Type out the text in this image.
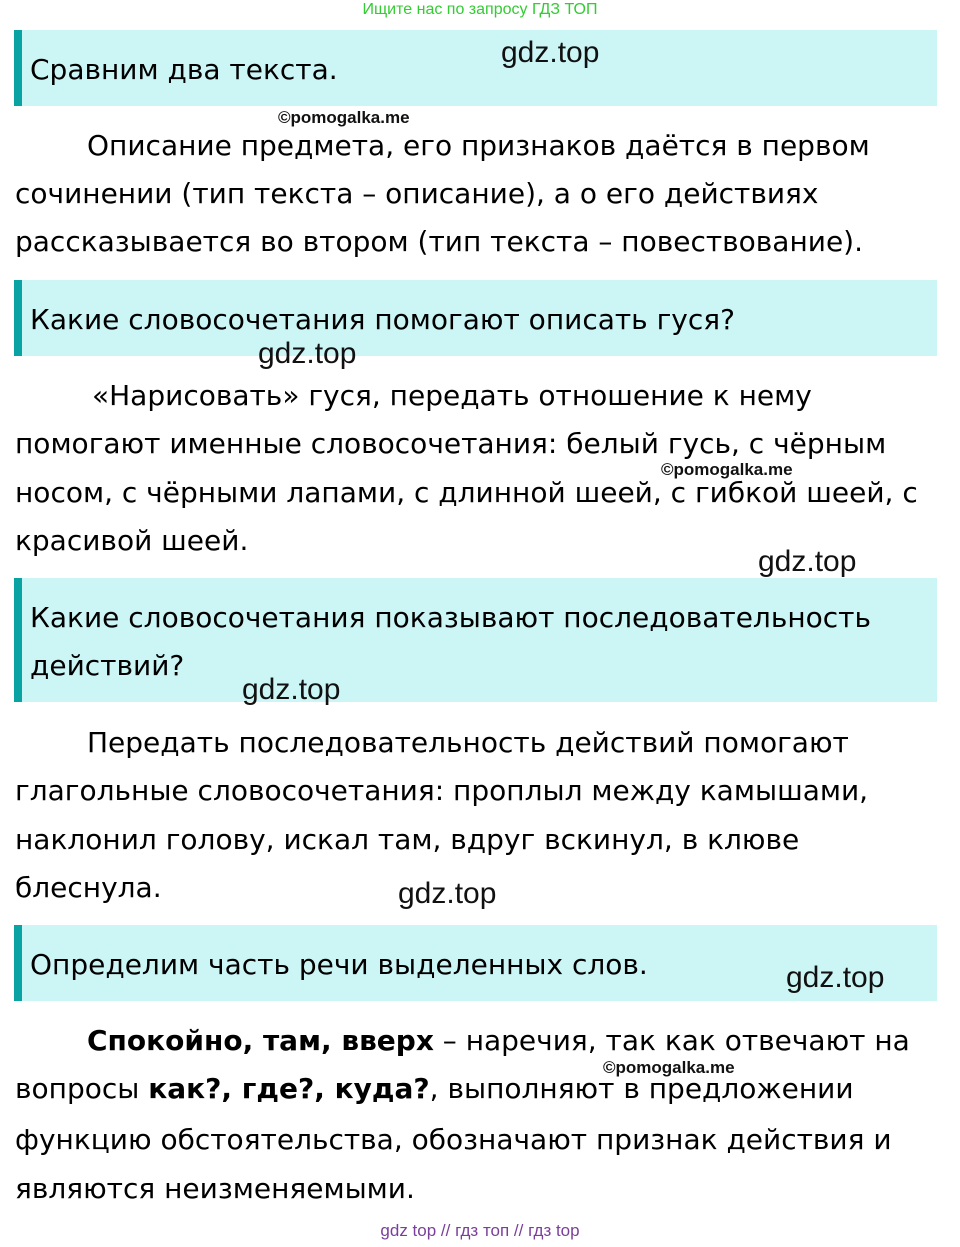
Ищите нас по запросу ГДЗ ТОП
Сравним два текста.
gdz.top
©pomogalka.me
Описание предмета, его признаков даётся в первом
сочинении (тип текста – описание), а о его действиях
рассказывается во втором (тип текста – повествование).
Какие словосочетания помогают описать гуся?
gdz.top
«Нарисовать» гуся, передать отношение к нему
помогают именные словосочетания: белый гусь, с чёрным
©pomogalka.me
носом, с чёрными лапами, с длинной шеей, с гибкой шеей, с
красивой шеей.
gdz.top
Какие словосочетания показывают последовательность
действий?
gdz.top
Передать последовательность действий помогают
глагольные словосочетания: проплыл между камышами,
наклонил голову, искал там, вдруг вскинул, в клюве
блеснула.	gdz.top
Определим часть речи выделенных слов.	gdz.top
Спокойно, там, вверх – наречия, так как отвечают на
©pomogalka.me
вопросы как?, где?, куда?, выполняют в предложении
функцию обстоятельства, обозначают признак действия и
являются неизменяемыми.
gdz top // гдз топ // гдз top
